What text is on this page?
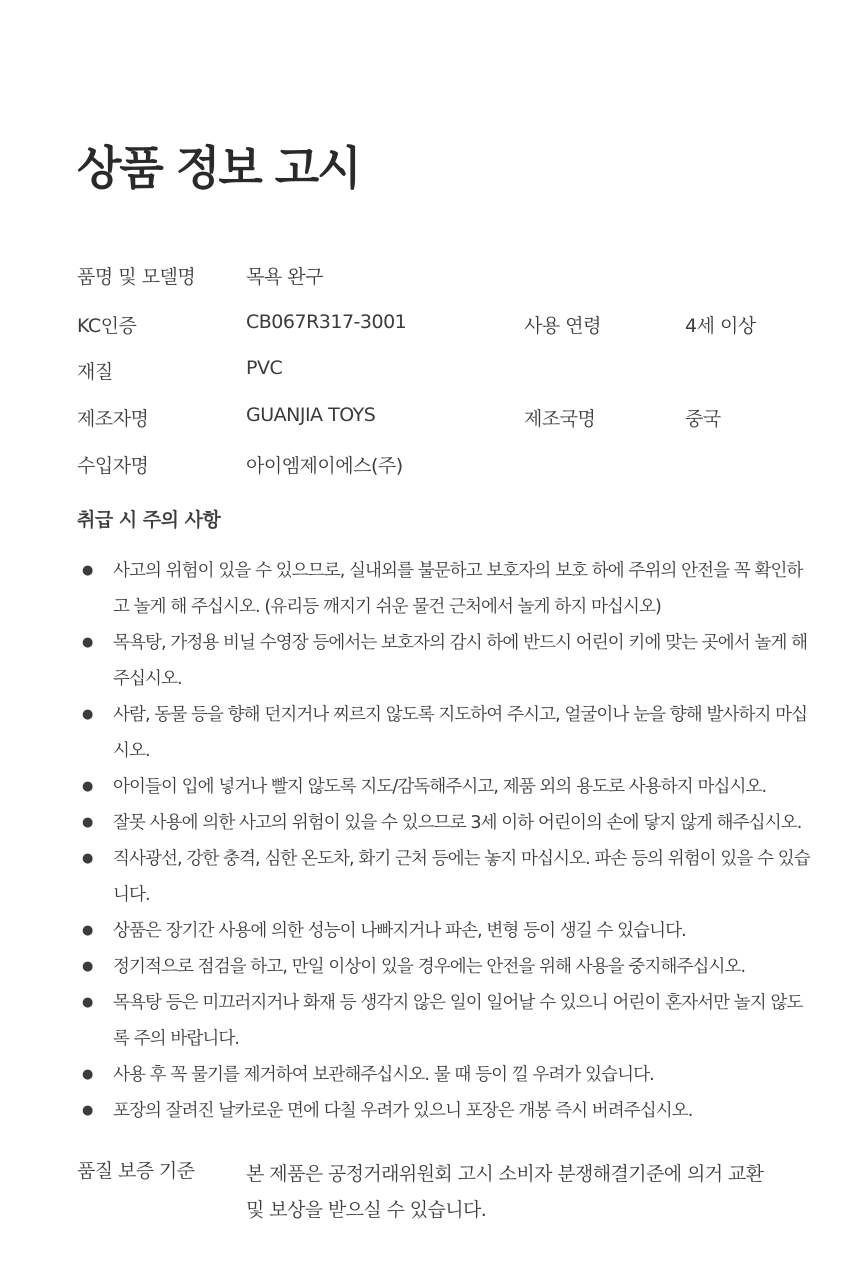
상품 정보 고시
품명 및 모델명	목욕 완구
KC인증	CB067R317-3001	사용 연령	4세 이상
재질	PVC
제조자명	GUANJIA TOYS	제조국명	중국
수입자명	아이엠제이에스(주)
취급 시 주의 사항
● 사고의 위험이 있을 수 있으므로, 실내외를 불문하고 보호자의 보호 하에 주위의 안전을 꼭 확인하고 놀게 해 주십시오. (유리등 깨지기 쉬운 물건 근처에서 놀게 하지 마십시오)
● 목욕탕, 가정용 비닐 수영장 등에서는 보호자의 감시 하에 반드시 어린이 키에 맞는 곳에서 놀게 해주십시오.
● 사람, 동물 등을 향해 던지거나 찌르지 않도록 지도하여 주시고, 얼굴이나 눈을 향해 발사하지 마십시오.
● 아이들이 입에 넣거나 빨지 않도록 지도/감독해주시고, 제품 외의 용도로 사용하지 마십시오.
● 잘못 사용에 의한 사고의 위험이 있을 수 있으므로 3세 이하 어린이의 손에 닿지 않게 해주십시오.
● 직사광선, 강한 충격, 심한 온도차, 화기 근처 등에는 놓지 마십시오. 파손 등의 위험이 있을 수 있습니다.
● 상품은 장기간 사용에 의한 성능이 나빠지거나 파손, 변형 등이 생길 수 있습니다.
● 정기적으로 점검을 하고, 만일 이상이 있을 경우에는 안전을 위해 사용을 중지해주십시오.
● 목욕탕 등은 미끄러지거나 화재 등 생각지 않은 일이 일어날 수 있으니 어린이 혼자서만 놀지 않도록 주의 바랍니다.
● 사용 후 꼭 물기를 제거하여 보관해주십시오. 물 때 등이 낄 우려가 있습니다.
● 포장의 잘려진 날카로운 면에 다칠 우려가 있으니 포장은 개봉 즉시 버려주십시오.
품질 보증 기준	본 제품은 공정거래위원회 고시 소비자 분쟁해결기준에 의거 교환 및 보상을 받으실 수 있습니다.
